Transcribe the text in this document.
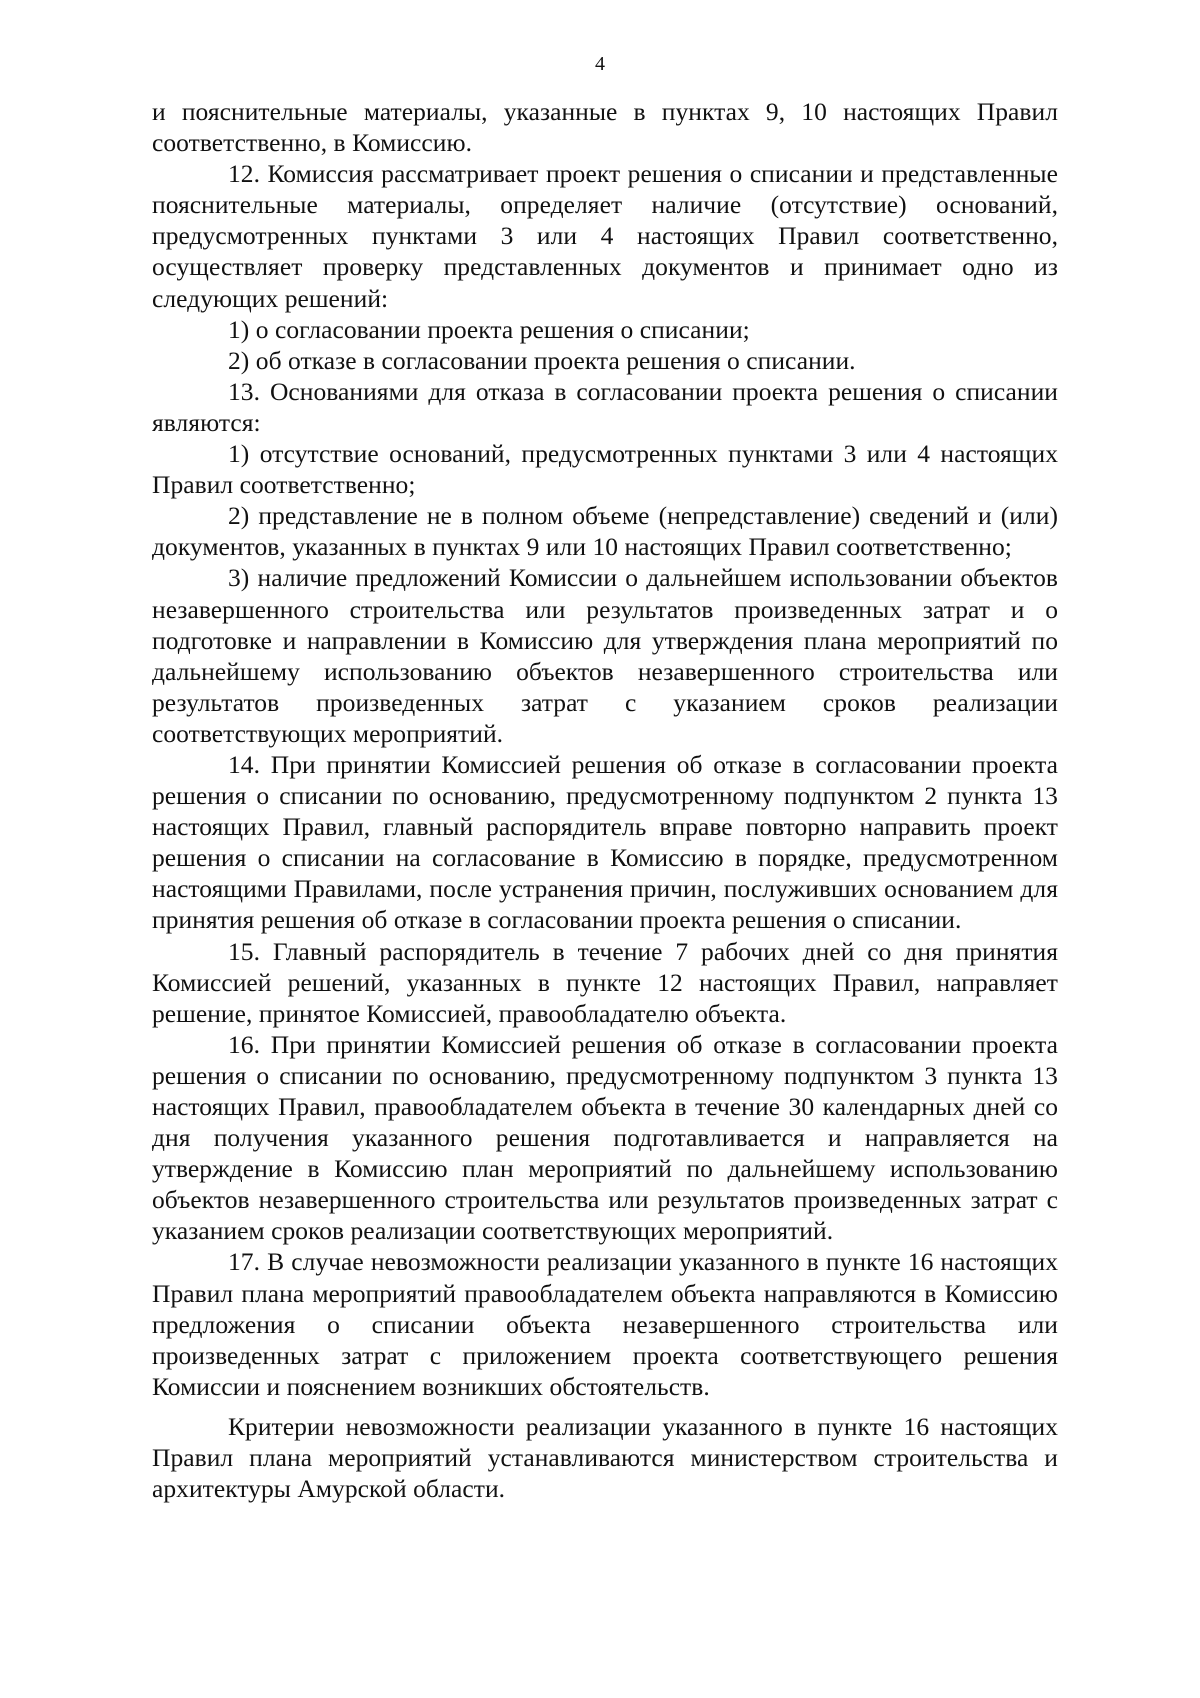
4

и пояснительные материалы, указанные в пунктах 9, 10 настоящих Правил соответственно, в Комиссию.

12. Комиссия рассматривает проект решения о списании и представленные пояснительные материалы, определяет наличие (отсутствие) оснований, предусмотренных пунктами 3 или 4 настоящих Правил соответственно, осуществляет проверку представленных документов и принимает одно из следующих решений:

1) о согласовании проекта решения о списании;

2) об отказе в согласовании проекта решения о списании.

13. Основаниями для отказа в согласовании проекта решения о списании являются:

1) отсутствие оснований, предусмотренных пунктами 3 или 4 настоящих Правил соответственно;

2) представление не в полном объеме (непредставление) сведений и (или) документов, указанных в пунктах 9 или 10 настоящих Правил соответственно;

3) наличие предложений Комиссии о дальнейшем использовании объектов незавершенного строительства или результатов произведенных затрат и о подготовке и направлении в Комиссию для утверждения плана мероприятий по дальнейшему использованию объектов незавершенного строительства или результатов произведенных затрат с указанием сроков реализации соответствующих мероприятий.

14. При принятии Комиссией решения об отказе в согласовании проекта решения о списании по основанию, предусмотренному подпунктом 2 пункта 13 настоящих Правил, главный распорядитель вправе повторно направить проект решения о списании на согласование в Комиссию в порядке, предусмотренном настоящими Правилами, после устранения причин, послуживших основанием для принятия решения об отказе в согласовании проекта решения о списании.

15. Главный распорядитель в течение 7 рабочих дней со дня принятия Комиссией решений, указанных в пункте 12 настоящих Правил, направляет решение, принятое Комиссией, правообладателю объекта.

16. При принятии Комиссией решения об отказе в согласовании проекта решения о списании по основанию, предусмотренному подпунктом 3 пункта 13 настоящих Правил, правообладателем объекта в течение 30 календарных дней со дня получения указанного решения подготавливается и направляется на утверждение в Комиссию план мероприятий по дальнейшему использованию объектов незавершенного строительства или результатов произведенных затрат с указанием сроков реализации соответствующих мероприятий.

17. В случае невозможности реализации указанного в пункте 16 настоящих Правил плана мероприятий правообладателем объекта направляются в Комиссию предложения о списании объекта незавершенного строительства или произведенных затрат с приложением проекта соответствующего решения Комиссии и пояснением возникших обстоятельств.

Критерии невозможности реализации указанного в пункте 16 настоящих Правил плана мероприятий устанавливаются министерством строительства и архитектуры Амурской области.
